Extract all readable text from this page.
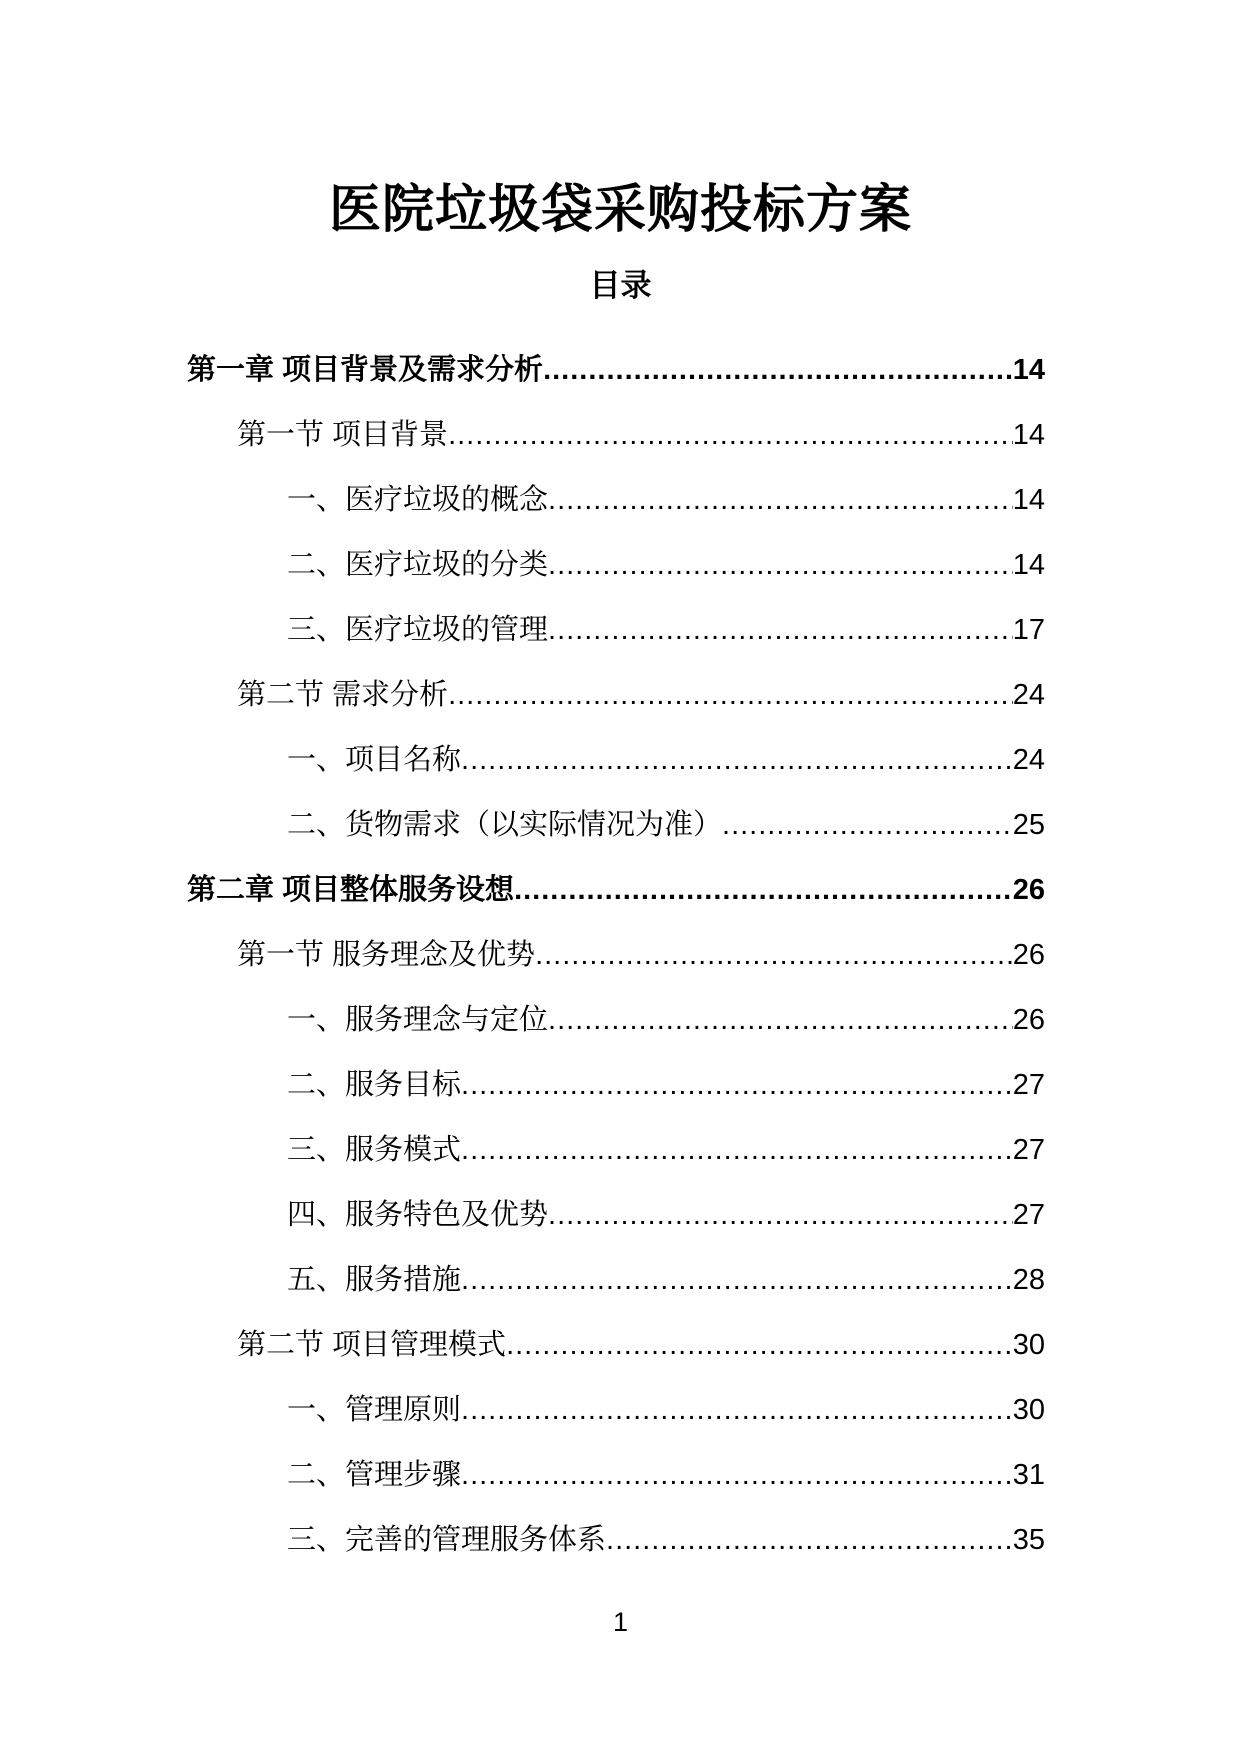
医院垃圾袋采购投标方案
目录
第一章 项目背景及需求分析 .....	14
第一节 项目背景 .....	14
一、医疗垃圾的概念 .....	14
二、医疗垃圾的分类 .....	14
三、医疗垃圾的管理 .....	17
第二节 需求分析 .....	24
一、项目名称 .....	24
二、货物需求（以实际情况为准） .....	25
第二章 项目整体服务设想 .....	26
第一节 服务理念及优势 .....	26
一、服务理念与定位 .....	26
二、服务目标 .....	27
三、服务模式 .....	27
四、服务特色及优势 .....	27
五、服务措施 .....	28
第二节 项目管理模式 .....	30
一、管理原则 .....	30
二、管理步骤 .....	31
三、完善的管理服务体系 .....	35
1
